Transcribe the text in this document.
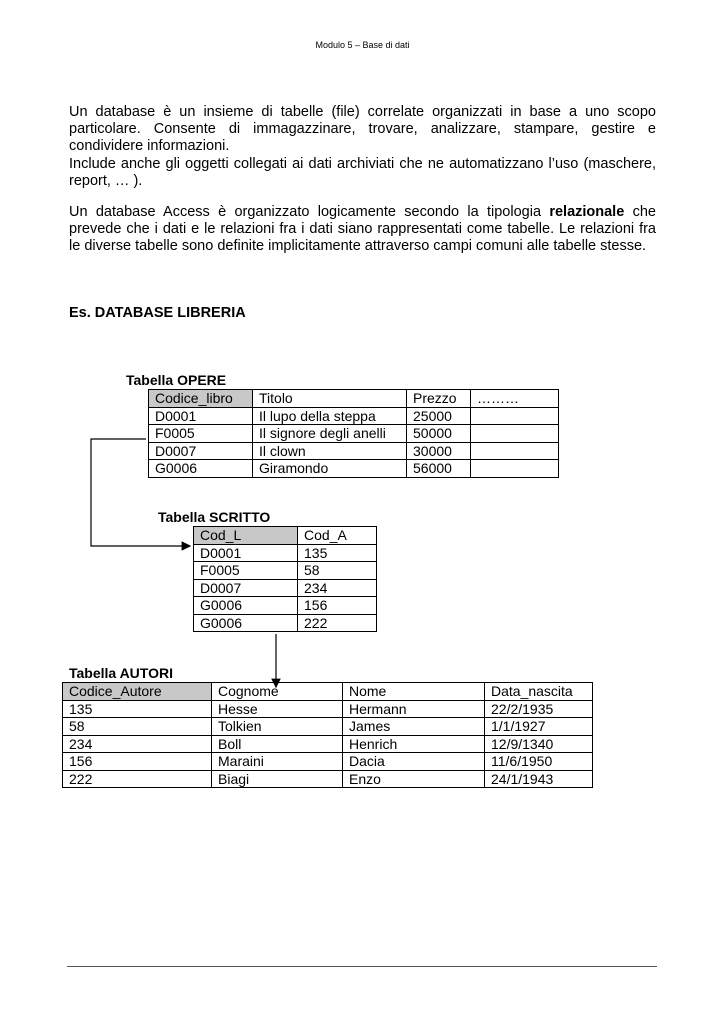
Modulo 5 – Base di dati

Un database è un insieme di tabelle (file) correlate organizzati in base a uno scopo particolare. Consente di immagazzinare, trovare, analizzare, stampare, gestire e condividere informazioni.

Include anche gli oggetti collegati ai dati archiviati che ne automatizzano l’uso (maschere, report, … ).

Un database Access è organizzato logicamente secondo la tipologia relazionale che prevede che i dati e le relazioni fra i dati siano rappresentati come tabelle. Le relazioni fra le diverse tabelle sono definite implicitamente attraverso campi comuni alle tabelle stesse.

Es. DATABASE LIBRERIA
Tabella OPERE
Codice_libro	Titolo	Prezzo	………
D0001	Il lupo della steppa	25000	
F0005	Il signore degli anelli	50000	
D0007	Il clown	30000	
G0006	Giramondo	56000	
Tabella SCRITTO
Cod_L	Cod_A
D0001	135
F0005	58
D0007	234
G0006	156
G0006	222
Tabella AUTORI
Codice_Autore	Cognome	Nome	Data_nascita
135	Hesse	Hermann	22/2/1935
58	Tolkien	James	1/1/1927
234	Boll	Henrich	12/9/1340
156	Maraini	Dacia	11/6/1950
222	Biagi	Enzo	24/1/1943
